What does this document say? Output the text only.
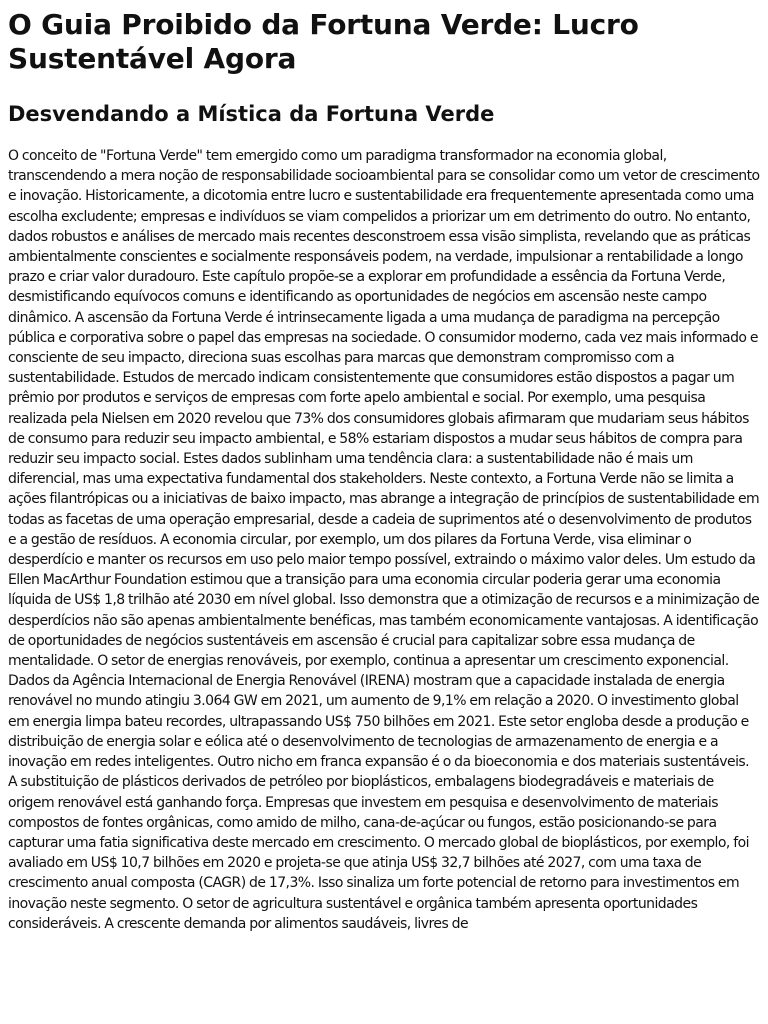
O Guia Proibido da Fortuna Verde: Lucro Sustentável Agora
Desvendando a Mística da Fortuna Verde

O conceito de "Fortuna Verde" tem emergido como um paradigma transformador na economia global, transcendendo a mera noção de responsabilidade socioambiental para se consolidar como um vetor de crescimento e inovação. Historicamente, a dicotomia entre lucro e sustentabilidade era frequentemente apresentada como uma escolha excludente; empresas e indivíduos se viam compelidos a priorizar um em detrimento do outro. No entanto, dados robustos e análises de mercado mais recentes desconstroem essa visão simplista, revelando que as práticas ambientalmente conscientes e socialmente responsáveis podem, na verdade, impulsionar a rentabilidade a longo prazo e criar valor duradouro. Este capítulo propõe-se a explorar em profundidade a essência da Fortuna Verde, desmistificando equívocos comuns e identificando as oportunidades de negócios em ascensão neste campo dinâmico. A ascensão da Fortuna Verde é intrinsecamente ligada a uma mudança de paradigma na percepção pública e corporativa sobre o papel das empresas na sociedade. O consumidor moderno, cada vez mais informado e consciente de seu impacto, direciona suas escolhas para marcas que demonstram compromisso com a sustentabilidade. Estudos de mercado indicam consistentemente que consumidores estão dispostos a pagar um prêmio por produtos e serviços de empresas com forte apelo ambiental e social. Por exemplo, uma pesquisa realizada pela Nielsen em 2020 revelou que 73% dos consumidores globais afirmaram que mudariam seus hábitos de consumo para reduzir seu impacto ambiental, e 58% estariam dispostos a mudar seus hábitos de compra para reduzir seu impacto social. Estes dados sublinham uma tendência clara: a sustentabilidade não é mais um diferencial, mas uma expectativa fundamental dos stakeholders. Neste contexto, a Fortuna Verde não se limita a ações filantrópicas ou a iniciativas de baixo impacto, mas abrange a integração de princípios de sustentabilidade em todas as facetas de uma operação empresarial, desde a cadeia de suprimentos até o desenvolvimento de produtos e a gestão de resíduos. A economia circular, por exemplo, um dos pilares da Fortuna Verde, visa eliminar o desperdício e manter os recursos em uso pelo maior tempo possível, extraindo o máximo valor deles. Um estudo da Ellen MacArthur Foundation estimou que a transição para uma economia circular poderia gerar uma economia líquida de US$ 1,8 trilhão até 2030 em nível global. Isso demonstra que a otimização de recursos e a minimização de desperdícios não são apenas ambientalmente benéficas, mas também economicamente vantajosas. A identificação de oportunidades de negócios sustentáveis em ascensão é crucial para capitalizar sobre essa mudança de mentalidade. O setor de energias renováveis, por exemplo, continua a apresentar um crescimento exponencial. Dados da Agência Internacional de Energia Renovável (IRENA) mostram que a capacidade instalada de energia renovável no mundo atingiu 3.064 GW em 2021, um aumento de 9,1% em relação a 2020. O investimento global em energia limpa bateu recordes, ultrapassando US$ 750 bilhões em 2021. Este setor engloba desde a produção e distribuição de energia solar e eólica até o desenvolvimento de tecnologias de armazenamento de energia e a inovação em redes inteligentes. Outro nicho em franca expansão é o da bioeconomia e dos materiais sustentáveis. A substituição de plásticos derivados de petróleo por bioplásticos, embalagens biodegradáveis e materiais de origem renovável está ganhando força. Empresas que investem em pesquisa e desenvolvimento de materiais compostos de fontes orgânicas, como amido de milho, cana-de-açúcar ou fungos, estão posicionando-se para capturar uma fatia significativa deste mercado em crescimento. O mercado global de bioplásticos, por exemplo, foi avaliado em US$ 10,7 bilhões em 2020 e projeta-se que atinja US$ 32,7 bilhões até 2027, com uma taxa de crescimento anual composta (CAGR) de 17,3%. Isso sinaliza um forte potencial de retorno para investimentos em inovação neste segmento. O setor de agricultura sustentável e orgânica também apresenta oportunidades consideráveis. A crescente demanda por alimentos saudáveis, livres de
